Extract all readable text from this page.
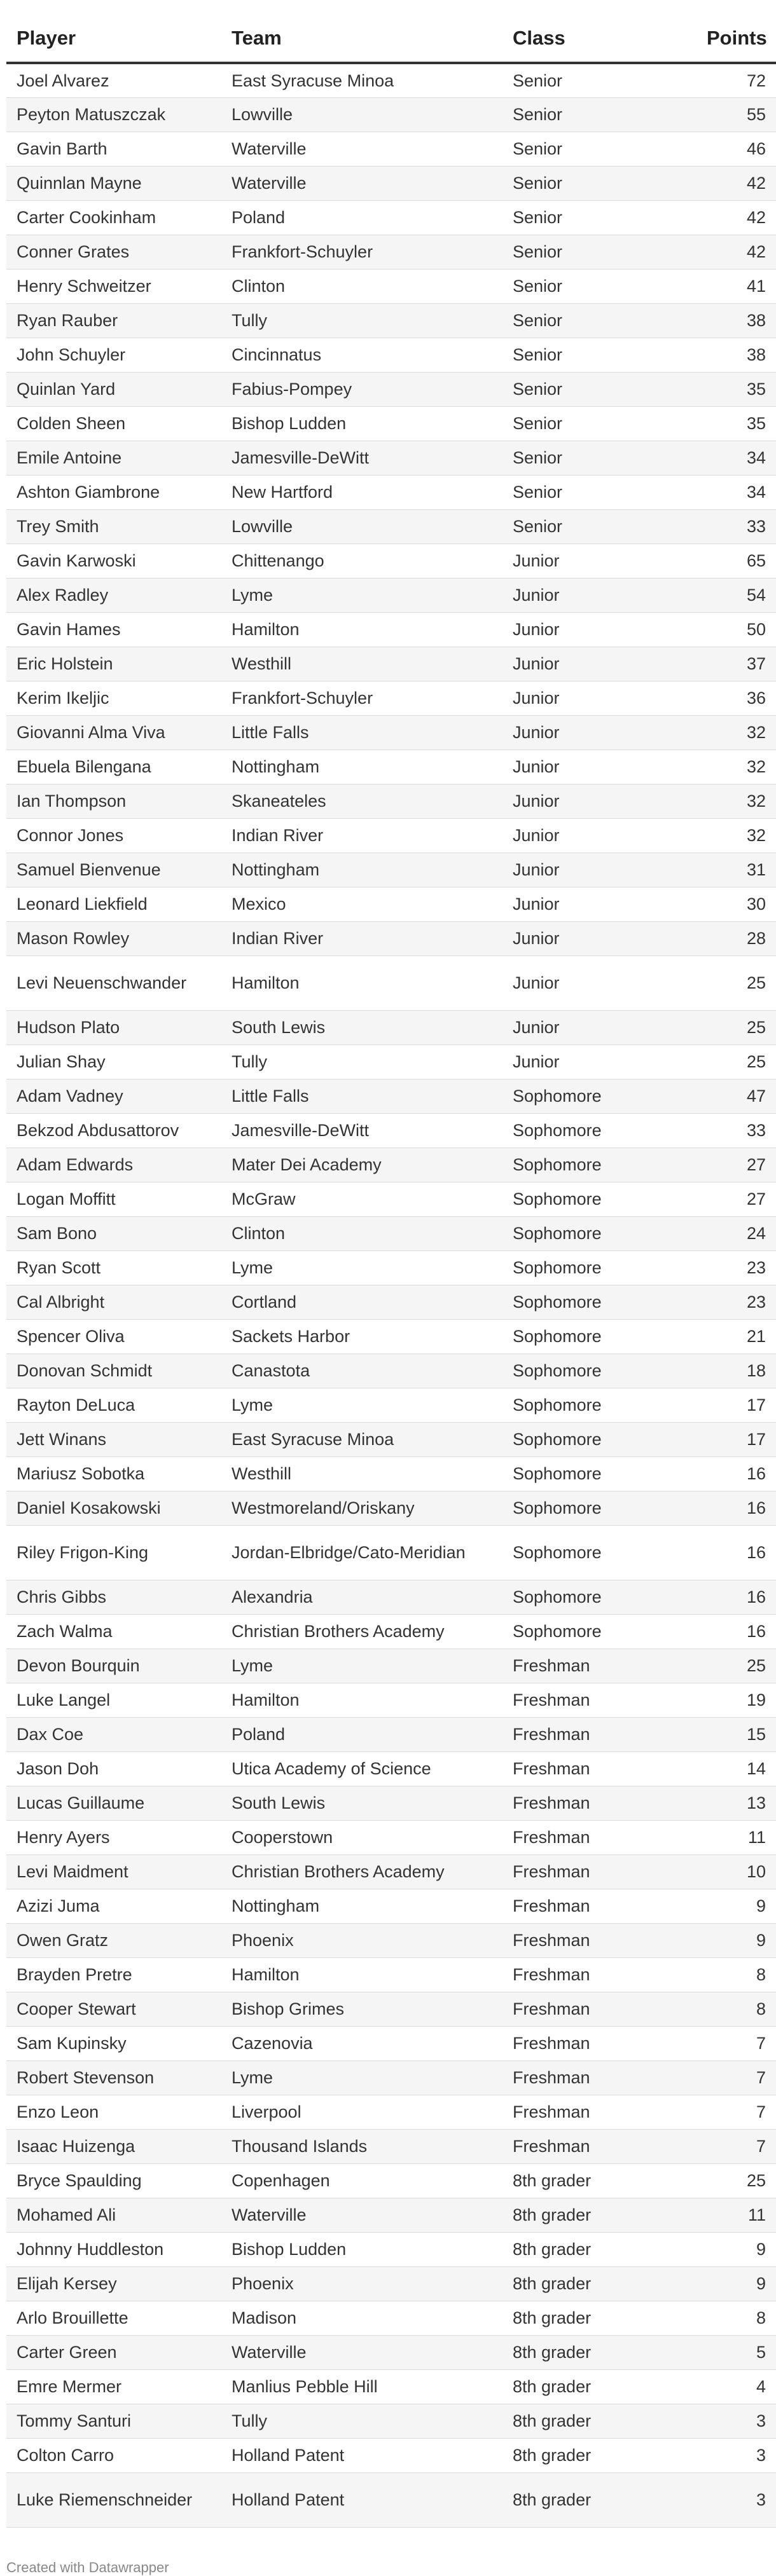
Player	Team	Class	Points
Joel Alvarez	East Syracuse Minoa	Senior	72
Peyton Matuszczak	Lowville	Senior	55
Gavin Barth	Waterville	Senior	46
Quinnlan Mayne	Waterville	Senior	42
Carter Cookinham	Poland	Senior	42
Conner Grates	Frankfort-Schuyler	Senior	42
Henry Schweitzer	Clinton	Senior	41
Ryan Rauber	Tully	Senior	38
John Schuyler	Cincinnatus	Senior	38
Quinlan Yard	Fabius-Pompey	Senior	35
Colden Sheen	Bishop Ludden	Senior	35
Emile Antoine	Jamesville-DeWitt	Senior	34
Ashton Giambrone	New Hartford	Senior	34
Trey Smith	Lowville	Senior	33
Gavin Karwoski	Chittenango	Junior	65
Alex Radley	Lyme	Junior	54
Gavin Hames	Hamilton	Junior	50
Eric Holstein	Westhill	Junior	37
Kerim Ikeljic	Frankfort-Schuyler	Junior	36
Giovanni Alma Viva	Little Falls	Junior	32
Ebuela Bilengana	Nottingham	Junior	32
Ian Thompson	Skaneateles	Junior	32
Connor Jones	Indian River	Junior	32
Samuel Bienvenue	Nottingham	Junior	31
Leonard Liekfield	Mexico	Junior	30
Mason Rowley	Indian River	Junior	28
Levi Neuenschwander	Hamilton	Junior	25
Hudson Plato	South Lewis	Junior	25
Julian Shay	Tully	Junior	25
Adam Vadney	Little Falls	Sophomore	47
Bekzod Abdusattorov	Jamesville-DeWitt	Sophomore	33
Adam Edwards	Mater Dei Academy	Sophomore	27
Logan Moffitt	McGraw	Sophomore	27
Sam Bono	Clinton	Sophomore	24
Ryan Scott	Lyme	Sophomore	23
Cal Albright	Cortland	Sophomore	23
Spencer Oliva	Sackets Harbor	Sophomore	21
Donovan Schmidt	Canastota	Sophomore	18
Rayton DeLuca	Lyme	Sophomore	17
Jett Winans	East Syracuse Minoa	Sophomore	17
Mariusz Sobotka	Westhill	Sophomore	16
Daniel Kosakowski	Westmoreland/Oriskany	Sophomore	16
Riley Frigon-King	Jordan-Elbridge/Cato-Meridian	Sophomore	16
Chris Gibbs	Alexandria	Sophomore	16
Zach Walma	Christian Brothers Academy	Sophomore	16
Devon Bourquin	Lyme	Freshman	25
Luke Langel	Hamilton	Freshman	19
Dax Coe	Poland	Freshman	15
Jason Doh	Utica Academy of Science	Freshman	14
Lucas Guillaume	South Lewis	Freshman	13
Henry Ayers	Cooperstown	Freshman	11
Levi Maidment	Christian Brothers Academy	Freshman	10
Azizi Juma	Nottingham	Freshman	9
Owen Gratz	Phoenix	Freshman	9
Brayden Pretre	Hamilton	Freshman	8
Cooper Stewart	Bishop Grimes	Freshman	8
Sam Kupinsky	Cazenovia	Freshman	7
Robert Stevenson	Lyme	Freshman	7
Enzo Leon	Liverpool	Freshman	7
Isaac Huizenga	Thousand Islands	Freshman	7
Bryce Spaulding	Copenhagen	8th grader	25
Mohamed Ali	Waterville	8th grader	11
Johnny Huddleston	Bishop Ludden	8th grader	9
Elijah Kersey	Phoenix	8th grader	9
Arlo Brouillette	Madison	8th grader	8
Carter Green	Waterville	8th grader	5
Emre Mermer	Manlius Pebble Hill	8th grader	4
Tommy Santuri	Tully	8th grader	3
Colton Carro	Holland Patent	8th grader	3
Luke Riemenschneider	Holland Patent	8th grader	3
Created with Datawrapper
